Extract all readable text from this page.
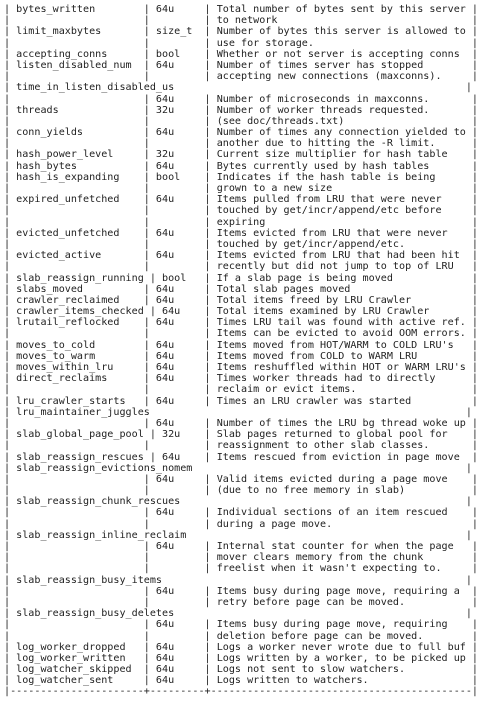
| bytes_written        | 64u     | Total number of bytes sent by this server |
|                      |         | to network                                |
| limit_maxbytes       | size_t  | Number of bytes this server is allowed to |
|                      |         | use for storage.                          |
| accepting_conns      | bool    | Whether or not server is accepting conns  |
| listen_disabled_num  | 64u     | Number of times server has stopped        |
|                      |         | accepting new connections (maxconns).     |
| time_in_listen_disabled_us                                                |
|                      | 64u     | Number of microseconds in maxconns.       |
| threads              | 32u     | Number of worker threads requested.       |
|                      |         | (see doc/threads.txt)                     |
| conn_yields          | 64u     | Number of times any connection yielded to |
|                      |         | another due to hitting the -R limit.      |
| hash_power_level     | 32u     | Current size multiplier for hash table    |
| hash_bytes           | 64u     | Bytes currently used by hash tables       |
| hash_is_expanding    | bool    | Indicates if the hash table is being      |
|                      |         | grown to a new size                       |
| expired_unfetched    | 64u     | Items pulled from LRU that were never     |
|                      |         | touched by get/incr/append/etc before     |
|                      |         | expiring                                  |
| evicted_unfetched    | 64u     | Items evicted from LRU that were never    |
|                      |         | touched by get/incr/append/etc.           |
| evicted_active       | 64u     | Items evicted from LRU that had been hit  |
|                      |         | recently but did not jump to top of LRU   |
| slab_reassign_running | bool   | If a slab page is being moved             |
| slabs_moved          | 64u     | Total slab pages moved                    |
| crawler_reclaimed    | 64u     | Total items freed by LRU Crawler          |
| crawler_items_checked | 64u    | Total items examined by LRU Crawler       |
| lrutail_reflocked    | 64u     | Times LRU tail was found with active ref. |
|                      |         | Items can be evicted to avoid OOM errors. |
| moves_to_cold        | 64u     | Items moved from HOT/WARM to COLD LRU's   |
| moves_to_warm        | 64u     | Items moved from COLD to WARM LRU         |
| moves_within_lru     | 64u     | Items reshuffled within HOT or WARM LRU's |
| direct_reclaims      | 64u     | Times worker threads had to directly      |
|                      |         | reclaim or evict items.                   |
| lru_crawler_starts   | 64u     | Times an LRU crawler was started          |
| lru_maintainer_juggles                                                    |
|                      | 64u     | Number of times the LRU bg thread woke up |
| slab_global_page_pool | 32u    | Slab pages returned to global pool for    |
|                      |         | reassignment to other slab classes.       |
| slab_reassign_rescues | 64u    | Items rescued from eviction in page move  |
| slab_reassign_evictions_nomem                                             |
|                      | 64u     | Valid items evicted during a page move    |
|                      |         | (due to no free memory in slab)           |
| slab_reassign_chunk_rescues                                               |
|                      | 64u     | Individual sections of an item rescued    |
|                      |         | during a page move.                       |
| slab_reassign_inline_reclaim                                              |
|                      | 64u     | Internal stat counter for when the page   |
|                      |         | mover clears memory from the chunk        |
|                      |         | freelist when it wasn't expecting to.     |
| slab_reassign_busy_items                                                  |
|                      | 64u     | Items busy during page move, requiring a  |
|                      |         | retry before page can be moved.           |
| slab_reassign_busy_deletes                                                |
|                      | 64u     | Items busy during page move, requiring    |
|                      |         | deletion before page can be moved.        |
| log_worker_dropped   | 64u     | Logs a worker never wrote due to full buf |
| log_worker_written   | 64u     | Logs written by a worker, to be picked up |
| log_watcher_skipped  | 64u     | Logs not sent to slow watchers.           |
| log_watcher_sent     | 64u     | Logs written to watchers.                 |
|----------------------+---------+-------------------------------------------|
